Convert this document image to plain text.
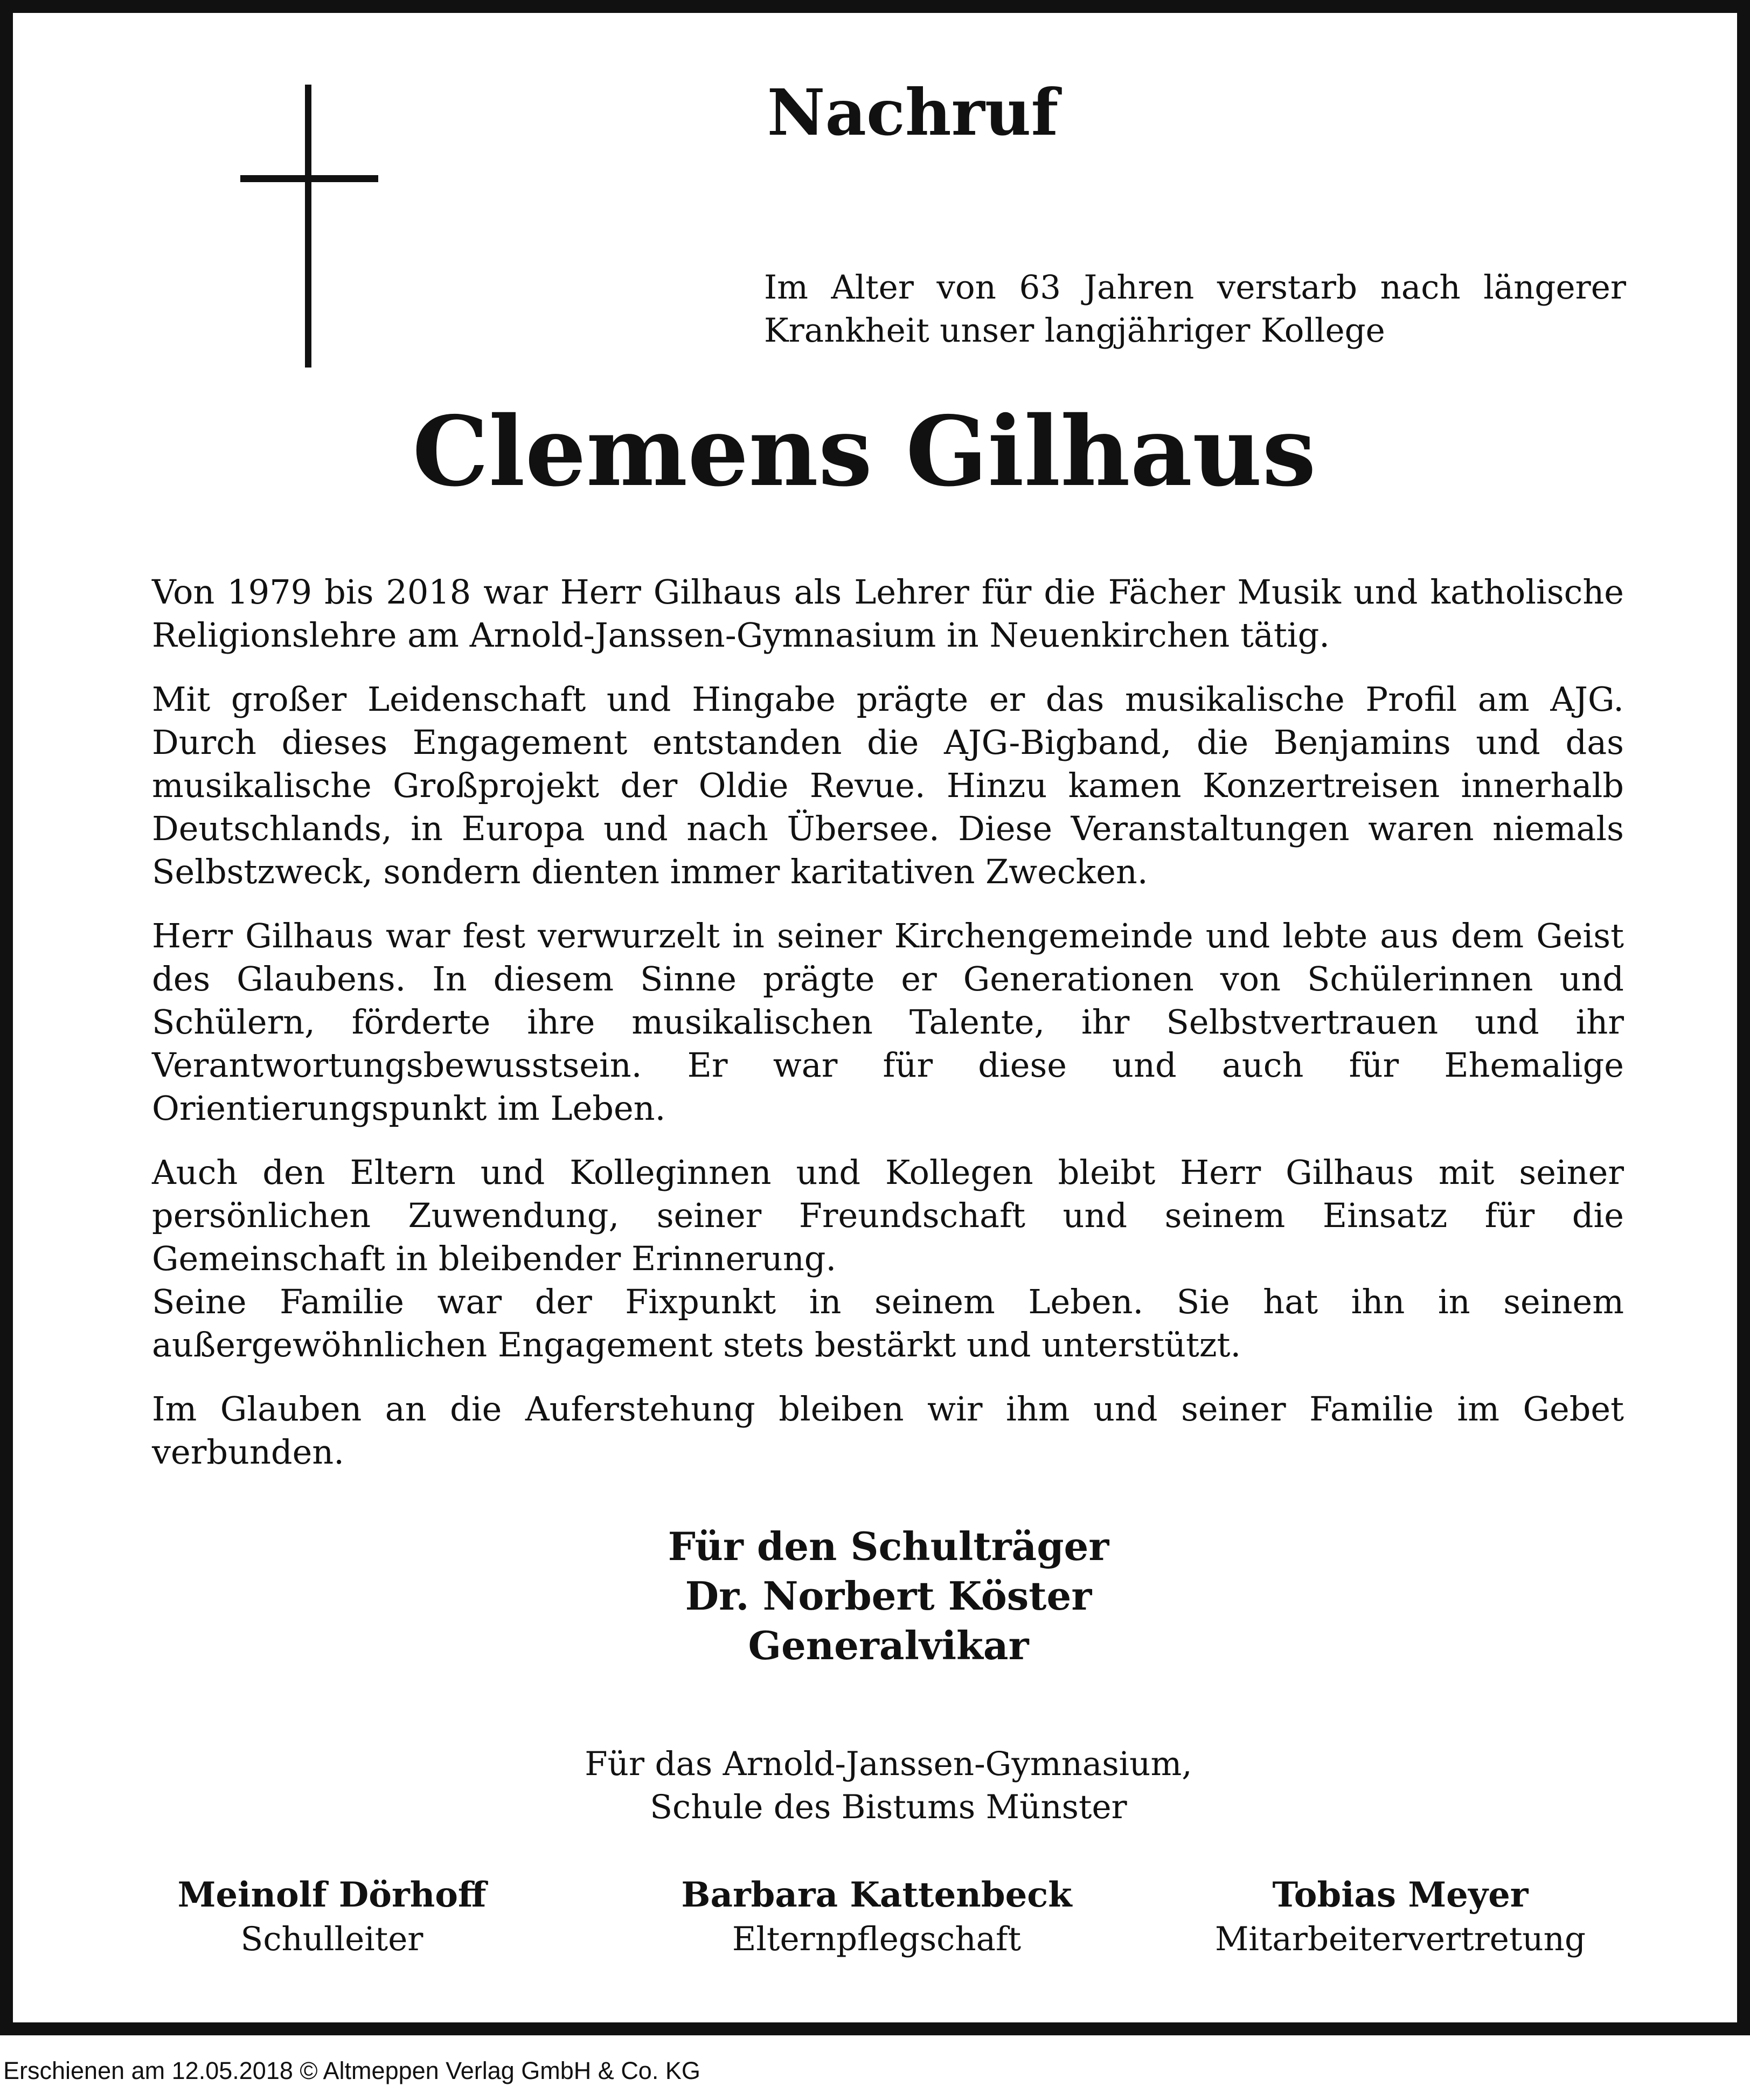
Nachruf

Im Alter von 63 Jahren verstarb nach längerer Krankheit unser langjähriger Kollege

Clemens Gilhaus

Von 1979 bis 2018 war Herr Gilhaus als Lehrer für die Fächer Musik und katholische Religionslehre am Arnold-Janssen-Gymnasium in Neuenkirchen tätig.

Mit großer Leidenschaft und Hingabe prägte er das musikalische Profil am AJG. Durch dieses Engagement entstanden die AJG-Bigband, die Benjamins und das musikalische Großprojekt der Oldie Revue. Hinzu kamen Konzertreisen innerhalb Deutschlands, in Europa und nach Übersee. Diese Veranstaltungen waren niemals Selbstzweck, sondern dienten immer karitativen Zwecken.

Herr Gilhaus war fest verwurzelt in seiner Kirchengemeinde und lebte aus dem Geist des Glaubens. In diesem Sinne prägte er Generationen von Schülerinnen und Schülern, förderte ihre musikalischen Talente, ihr Selbstvertrauen und ihr Verantwortungsbewusstsein. Er war für diese und auch für Ehemalige Orientierungspunkt im Leben.

Auch den Eltern und Kolleginnen und Kollegen bleibt Herr Gilhaus mit seiner persönlichen Zuwendung, seiner Freundschaft und seinem Einsatz für die Gemeinschaft in bleibender Erinnerung.

Seine Familie war der Fixpunkt in seinem Leben. Sie hat ihn in seinem außergewöhnlichen Engagement stets bestärkt und unterstützt.

Im Glauben an die Auferstehung bleiben wir ihm und seiner Familie im Gebet verbunden.

Für den Schulträger
Dr. Norbert Köster
Generalvikar
Für das Arnold-Janssen-Gymnasium,
Schule des Bistums Münster
Meinolf Dörhoff
Schulleiter
Barbara Kattenbeck
Elternpflegschaft
Tobias Meyer
Mitarbeitervertretung
Erschienen am 12.05.2018 © Altmeppen Verlag GmbH & Co. KG
